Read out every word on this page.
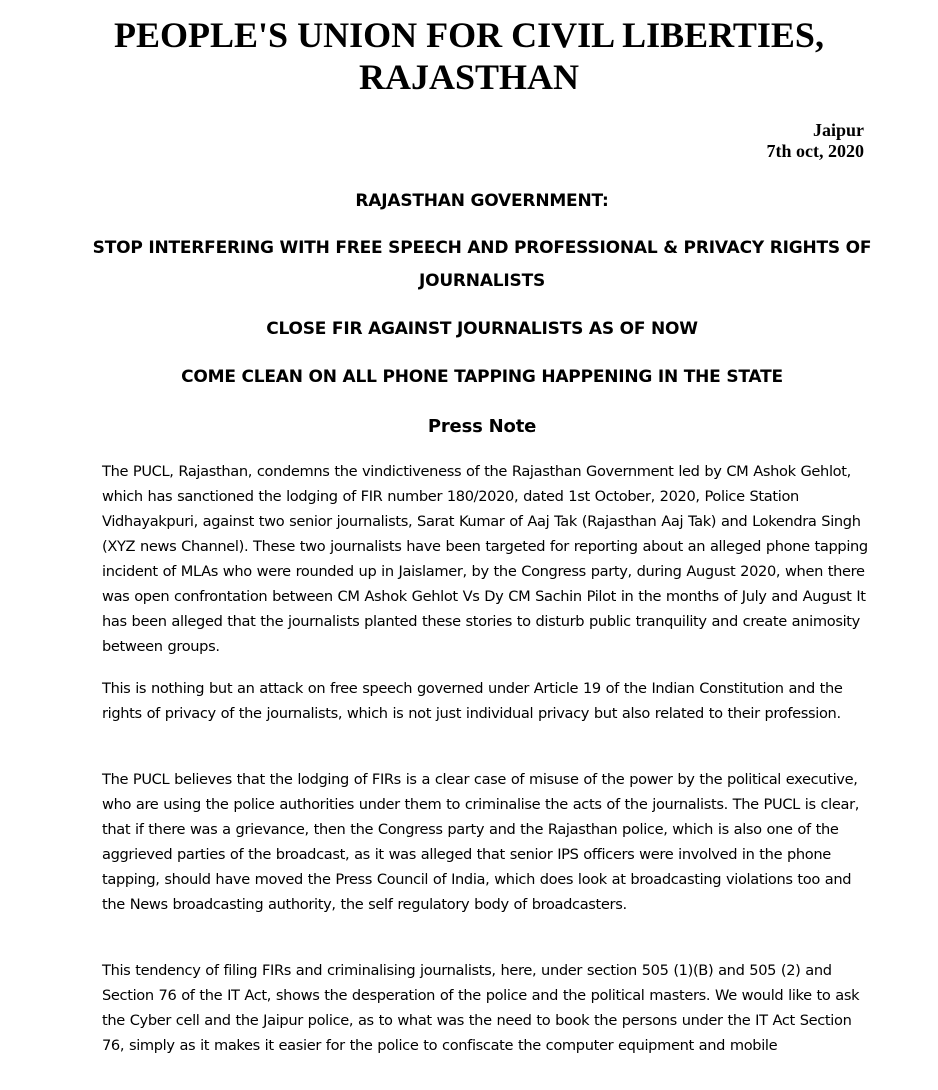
PEOPLE'S UNION FOR CIVIL LIBERTIES,
RAJASTHAN
Jaipur
7th oct, 2020
RAJASTHAN GOVERNMENT:
STOP INTERFERING WITH FREE SPEECH AND PROFESSIONAL & PRIVACY RIGHTS OF JOURNALISTS
CLOSE FIR AGAINST JOURNALISTS AS OF NOW
COME CLEAN ON ALL PHONE TAPPING HAPPENING IN THE STATE
Press Note

The PUCL, Rajasthan, condemns the vindictiveness of the Rajasthan Government led by CM Ashok Gehlot, which has sanctioned the lodging of FIR number 180/2020, dated 1st October, 2020, Police Station Vidhayakpuri, against two senior journalists, Sarat Kumar of Aaj Tak (Rajasthan Aaj Tak) and Lokendra Singh (XYZ news Channel). These two journalists have been targeted for reporting about an alleged phone tapping incident of MLAs who were rounded up in Jaislamer, by the Congress party, during August 2020, when there was open confrontation between CM Ashok Gehlot Vs Dy CM Sachin Pilot in the months of July and August It has been alleged that the journalists planted these stories to disturb public tranquility and create animosity between groups.

This is nothing but an attack on free speech governed under Article 19 of the Indian Constitution and the rights of privacy of the journalists, which is not just individual privacy but also related to their profession.

The PUCL believes that the lodging of FIRs is a clear case of misuse of the power by the political executive, who are using the police authorities under them to criminalise the acts of the journalists. The PUCL is clear, that if there was a grievance, then the Congress party and the Rajasthan police, which is also one of the aggrieved parties of the broadcast, as it was alleged that senior IPS officers were involved in the phone tapping, should have moved the Press Council of India, which does look at broadcasting violations too and the News broadcasting authority, the self regulatory body of broadcasters.

This tendency of filing FIRs and criminalising journalists, here, under section 505 (1)(B) and 505 (2) and Section 76 of the IT Act, shows the desperation of the police and the political masters. We would like to ask the Cyber cell and the Jaipur police, as to what was the need to book the persons under the IT Act Section 76, simply as it makes it easier for the police to confiscate the computer equipment and mobile
